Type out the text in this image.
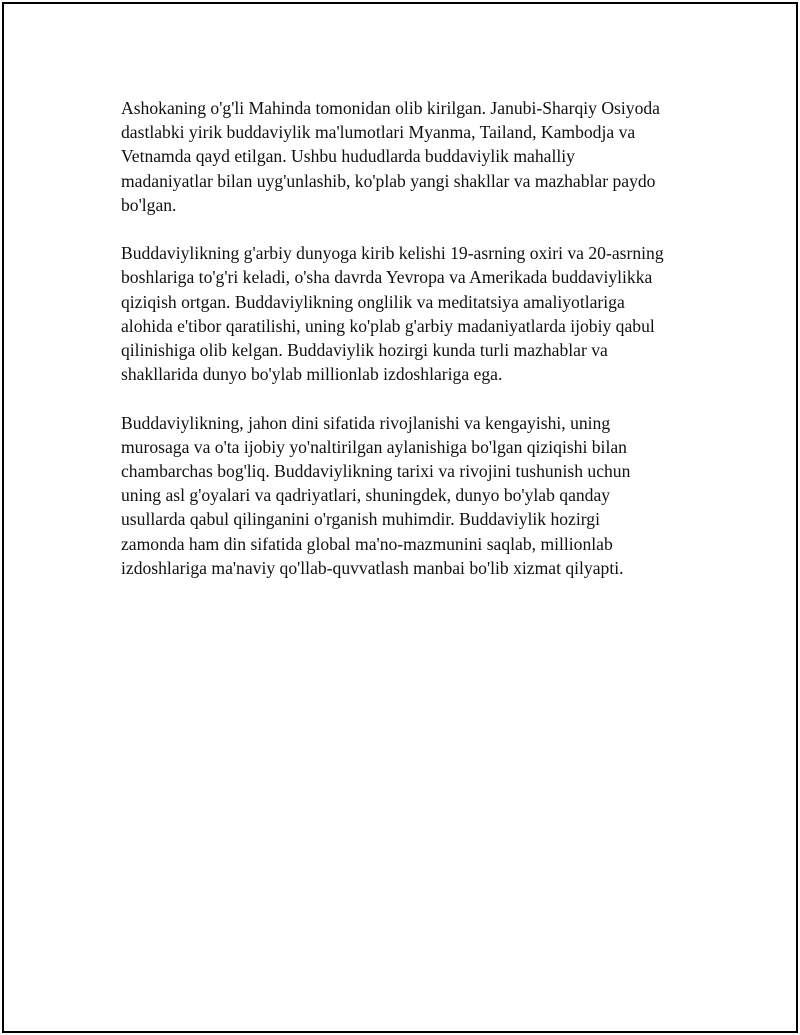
Ashokaning o'g'li Mahinda tomonidan olib kirilgan. Janubi-Sharqiy Osiyoda
dastlabki yirik buddaviylik ma'lumotlari Myanma, Tailand, Kambodja va
Vetnamda qayd etilgan. Ushbu hududlarda buddaviylik mahalliy
madaniyatlar bilan uyg'unlashib, ko'plab yangi shakllar va mazhablar paydo
bo'lgan.

Buddaviylikning g'arbiy dunyoga kirib kelishi 19-asrning oxiri va 20-asrning
boshlariga to'g'ri keladi, o'sha davrda Yevropa va Amerikada buddaviylikka
qiziqish ortgan. Buddaviylikning onglilik va meditatsiya amaliyotlariga
alohida e'tibor qaratilishi, uning ko'plab g'arbiy madaniyatlarda ijobiy qabul
qilinishiga olib kelgan. Buddaviylik hozirgi kunda turli mazhablar va
shakllarida dunyo bo'ylab millionlab izdoshlariga ega.

Buddaviylikning, jahon dini sifatida rivojlanishi va kengayishi, uning
murosaga va o'ta ijobiy yo'naltirilgan aylanishiga bo'lgan qiziqishi bilan
chambarchas bog'liq. Buddaviylikning tarixi va rivojini tushunish uchun
uning asl g'oyalari va qadriyatlari, shuningdek, dunyo bo'ylab qanday
usullarda qabul qilinganini o'rganish muhimdir. Buddaviylik hozirgi
zamonda ham din sifatida global ma'no-mazmunini saqlab, millionlab
izdoshlariga ma'naviy qo'llab-quvvatlash manbai bo'lib xizmat qilyapti.
